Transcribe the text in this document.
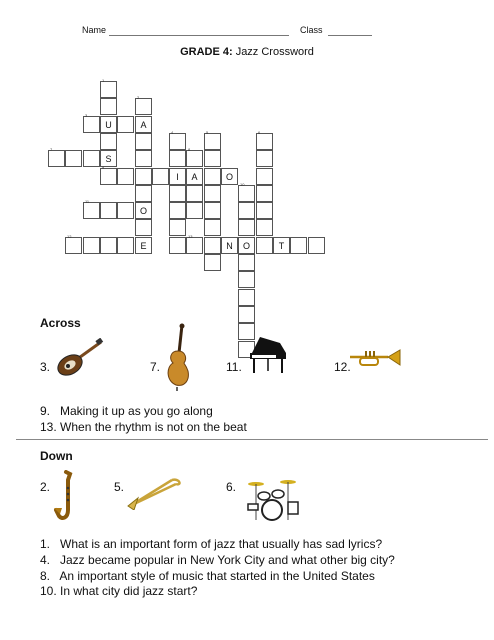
Name	Class
GRADE 4: Jazz Crossword
1
2
3
U	A
4	5	6
7
S
8
9
I	A	O
10
11
O
12
E
13
N	O	T
Across
3.	7.	11.	12.
9.   Making it up as you go along
13. When the rhythm is not on the beat
Down
2.	5.	6.
1.   What is an important form of jazz that usually has sad lyrics?
4.   Jazz became popular in New York City and what other big city?
8.   An important style of music that started in the United States
10. In what city did jazz start?
